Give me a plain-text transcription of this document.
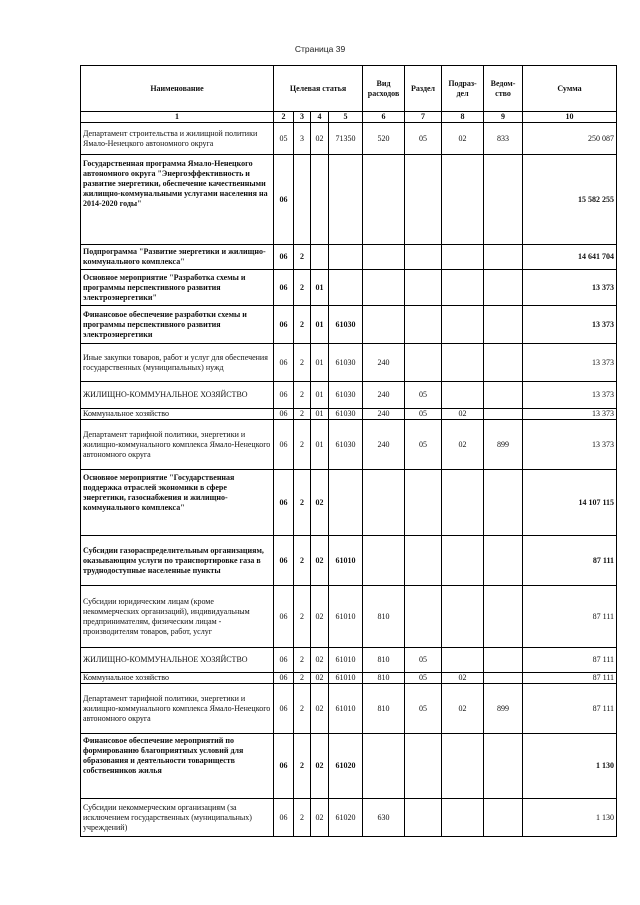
Страница 39
Наименование	Целевая статья				Вид расходов	Раздел	Подраз-дел	Ведом-ство	Сумма
1	2	3	4	5	6	7	8	9	10
Департамент строительства и жилищной политики Ямало-Ненецкого автономного округа	05	3	02	71350	520	05	02	833	250 087
Государственная программа Ямало-Ненецкого автономного округа "Энергоэффективность и развитие энергетики, обеспечение качественными жилищно-коммунальными услугами населения на 2014-2020 годы"	06								15 582 255
Подпрограмма "Развитие энергетики и жилищно-коммунального комплекса"	06	2							14 641 704
Основное мероприятие "Разработка схемы и программы перспективного развития электроэнергетики"	06	2	01						13 373
Финансовое обеспечение разработки схемы и программы перспективного развития электроэнергетики	06	2	01	61030					13 373
Иные закупки товаров, работ и услуг для обеспечения государственных (муниципальных) нужд	06	2	01	61030	240				13 373
ЖИЛИЩНО-КОММУНАЛЬНОЕ ХОЗЯЙСТВО	06	2	01	61030	240	05			13 373
Коммунальное хозяйство	06	2	01	61030	240	05	02		13 373
Департамент тарифной политики, энергетики и жилищно-коммунального комплекса Ямало-Ненецкого автономного округа	06	2	01	61030	240	05	02	899	13 373
Основное мероприятие "Государственная поддержка отраслей экономики в сфере энергетики, газоснабжения и жилищно-коммунального комплекса"	06	2	02						14 107 115
Субсидии газораспределительным организациям, оказывающим услуги по транспортировке газа в труднодоступные населенные пункты	06	2	02	61010					87 111
Субсидии юридическим лицам (кроме некоммерческих организаций), индивидуальным предпринимателям, физическим лицам - производителям товаров, работ, услуг	06	2	02	61010	810				87 111
ЖИЛИЩНО-КОММУНАЛЬНОЕ ХОЗЯЙСТВО	06	2	02	61010	810	05			87 111
Коммунальное хозяйство	06	2	02	61010	810	05	02		87 111
Департамент тарифной политики, энергетики и жилищно-коммунального комплекса Ямало-Ненецкого автономного округа	06	2	02	61010	810	05	02	899	87 111
Финансовое обеспечение мероприятий по формированию благоприятных условий для образования и деятельности товариществ собственников жилья	06	2	02	61020					1 130
Субсидии некоммерческим организациям (за исключением государственных (муниципальных) учреждений)	06	2	02	61020	630				1 130
